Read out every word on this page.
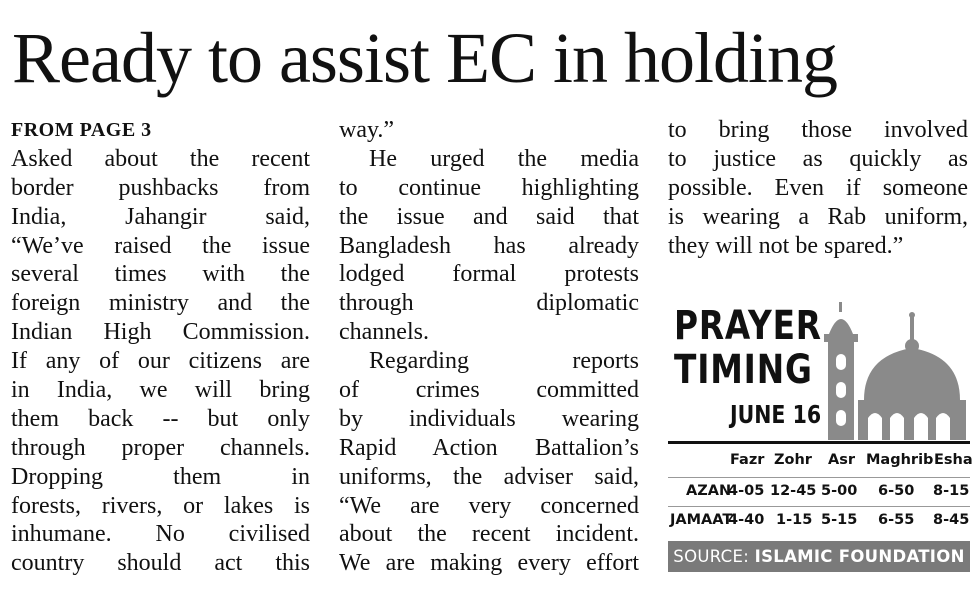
Ready to assist EC in holding
FROM PAGE 3
Asked about the recent
border pushbacks from
India, Jahangir said,
“We’ve raised the issue
several times with the
foreign ministry and the
Indian High Commission.
If any of our citizens are
in India, we will bring
them back -- but only
through proper channels.
Dropping them in
forests, rivers, or lakes is
inhumane. No civilised
country should act this
way.”
He urged the media
to continue highlighting
the issue and said that
Bangladesh has already
lodged formal protests
through diplomatic
channels.
Regarding reports
of crimes committed
by individuals wearing
Rapid Action Battalion’s
uniforms, the adviser said,
“We are very concerned
about the recent incident.
We are making every effort
to bring those involved
to justice as quickly as
possible. Even if someone
is wearing a Rab uniform,
they will not be spared.”
PRAYER
TIMING
JUNE 16
Fazr Zohr Asr Maghrib Esha
AZAN
4-05 12-45 5-00 6-50 8-15
JAMAAT
4-40 1-15 5-15 6-55 8-45
SOURCE: ISLAMIC FOUNDATION
